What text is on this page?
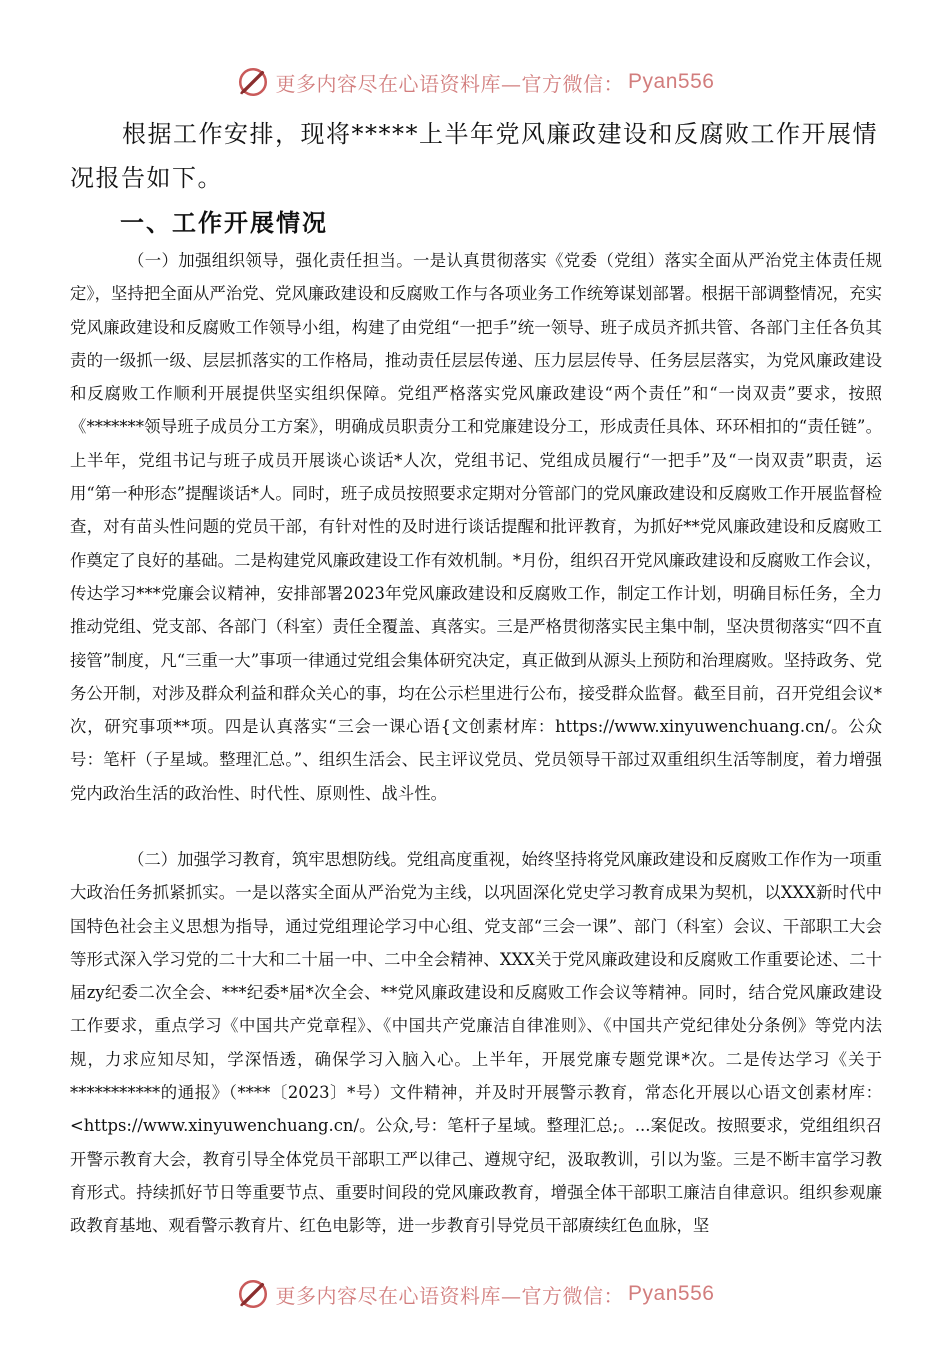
更多内容尽在心语资料库—官方微信： Pyan556

根据工作安排，现将*****上半年党风廉政建设和反腐败工作开展情况报告如下。

一、工作开展情况

（一）加强组织领导，强化责任担当。一是认真贯彻落实《党委（党组）落实全面从严治党主体责任规定》，坚持把全面从严治党、党风廉政建设和反腐败工作与各项业务工作统筹谋划部署。根据干部调整情况，充实党风廉政建设和反腐败工作领导小组，构建了由党组“一把手”统一领导、班子成员齐抓共管、各部门主任各负其责的一级抓一级、层层抓落实的工作格局，推动责任层层传递、压力层层传导、任务层层落实，为党风廉政建设和反腐败工作顺利开展提供坚实组织保障。党组严格落实党风廉政建设“两个责任”和“一岗双责”要求，按照《*******领导班子成员分工方案》，明确成员职责分工和党廉建设分工，形成责任具体、环环相扣的“责任链”。上半年，党组书记与班子成员开展谈心谈话*人次，党组书记、党组成员履行“一把手”及“一岗双责”职责，运用“第一种形态”提醒谈话*人。同时，班子成员按照要求定期对分管部门的党风廉政建设和反腐败工作开展监督检查，对有苗头性问题的党员干部，有针对性的及时进行谈话提醒和批评教育，为抓好**党风廉政建设和反腐败工作奠定了良好的基础。二是构建党风廉政建设工作有效机制。*月份，组织召开党风廉政建设和反腐败工作会议，传达学习***党廉会议精神，安排部署2023年党风廉政建设和反腐败工作，制定工作计划，明确目标任务，全力推动党组、党支部、各部门（科室）责任全覆盖、真落实。三是严格贯彻落实民主集中制，坚决贯彻落实“四不直接管”制度，凡“三重一大”事项一律通过党组会集体研究决定，真正做到从源头上预防和治理腐败。坚持政务、党务公开制，对涉及群众利益和群众关心的事，均在公示栏里进行公布，接受群众监督。截至目前，召开党组会议*次，研究事项**项。四是认真落实“三会一课心语{文创素材库：https://www.xinyuwenchuang.cn/。公众号：笔杆（子星域。整理汇总。”、组织生活会、民主评议党员、党员领导干部过双重组织生活等制度，着力增强党内政治生活的政治性、时代性、原则性、战斗性。

（二）加强学习教育，筑牢思想防线。党组高度重视，始终坚持将党风廉政建设和反腐败工作作为一项重大政治任务抓紧抓实。一是以落实全面从严治党为主线，以巩固深化党史学习教育成果为契机，以XXX新时代中国特色社会主义思想为指导，通过党组理论学习中心组、党支部“三会一课”、部门（科室）会议、干部职工大会等形式深入学习党的二十大和二十届一中、二中全会精神、XXX关于党风廉政建设和反腐败工作重要论述、二十届zy纪委二次全会、***纪委*届*次全会、**党风廉政建设和反腐败工作会议等精神。同时，结合党风廉政建设工作要求，重点学习《中国共产党章程》、《中国共产党廉洁自律准则》、《中国共产党纪律处分条例》等党内法规，力求应知尽知，学深悟透，确保学习入脑入心。上半年，开展党廉专题党课*次。二是传达学习《关于***********的通报》（****〔2023〕*号）文件精神，并及时开展警示教育，常态化开展以心语文创素材库：<https://www.xinyuwenchuang.cn/。公众,号：笔杆子星域。整理汇总;。...案促改。按照要求，党组组织召开警示教育大会，教育引导全体党员干部职工严以律己、遵规守纪，汲取教训，引以为鉴。三是不断丰富学习教育形式。持续抓好节日等重要节点、重要时间段的党风廉政教育，增强全体干部职工廉洁自律意识。组织参观廉政教育基地、观看警示教育片、红色电影等，进一步教育引导党员干部赓续红色血脉，坚

更多内容尽在心语资料库—官方微信： Pyan556
